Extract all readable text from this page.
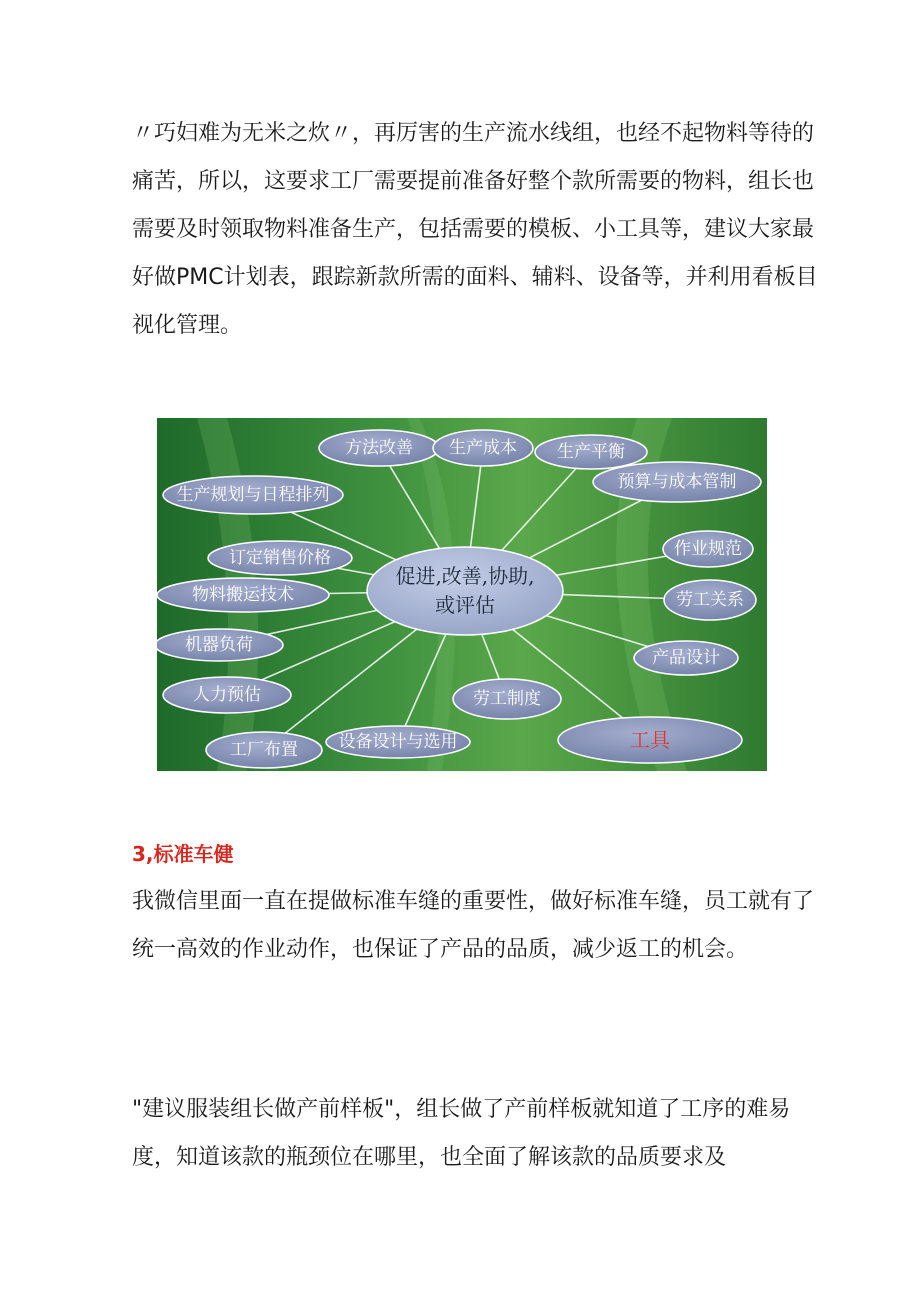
〃巧妇难为无米之炊〃，再厉害的生产流水线组，也经不起物料等待的痛苦，所以，这要求工厂需要提前准备好整个款所需要的物料，组长也需要及时领取物料准备生产，包括需要的模板、小工具等，建议大家最好做PMC计划表，跟踪新款所需的面料、辅料、设备等，并利用看板目视化管理。

方法改善 生产成本 生产平衡
预算与成本管制
生产规划与日程排列
订定销售价格
物料搬运技术
机器负荷
人力预估
工厂布置 设备设计与选用
劳工制度
工具
产品设计
劳工关系
作业规范
促进,改善,协助,
或评估

3,标准车健

我微信里面一直在提做标准车缝的重要性，做好标准车缝，员工就有了统一高效的作业动作，也保证了产品的品质，减少返工的机会。

"建议服装组长做产前样板"，组长做了产前样板就知道了工序的难易度，知道该款的瓶颈位在哪里，也全面了解该款的品质要求及
